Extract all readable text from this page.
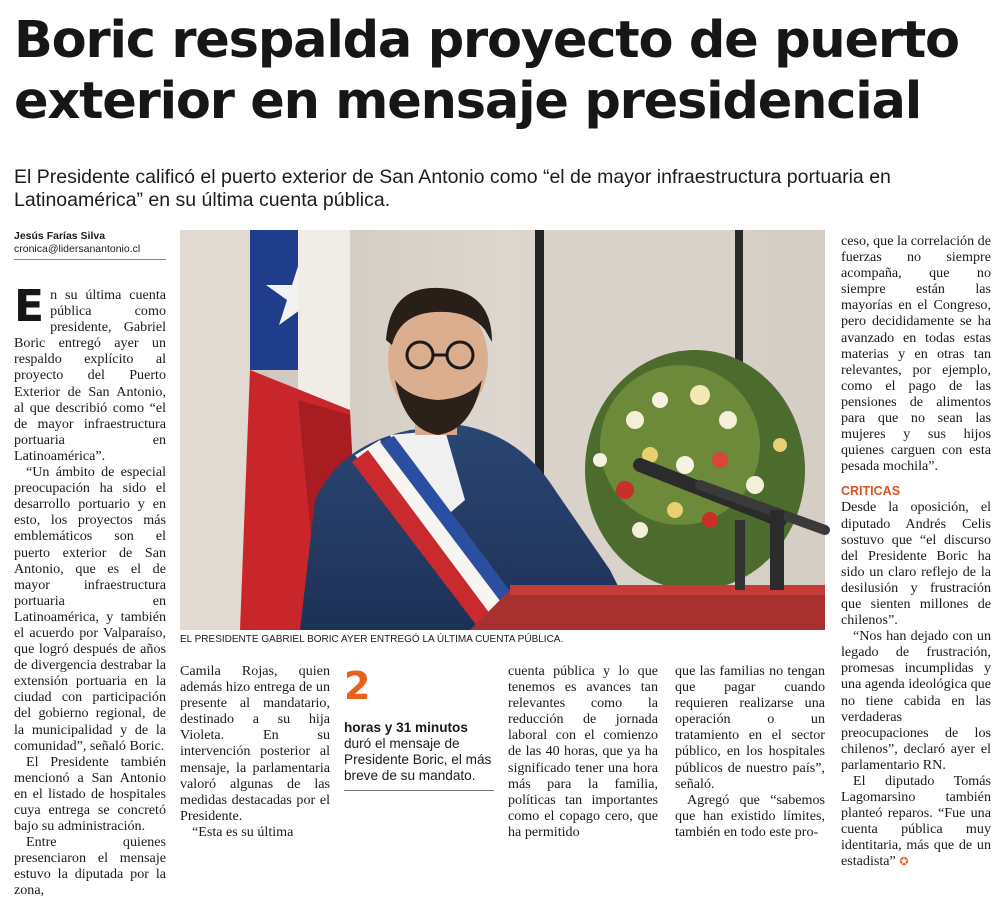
Boric respalda proyecto de puerto
exterior en mensaje presidencial
El Presidente calificó el puerto exterior de San Antonio como “el de mayor infraestructura portuaria en Latinoamérica” en su última cuenta pública.
Jesús Farías Silva
cronica@lidersanantonio.cl

En su última cuenta pública como presidente, Gabriel Boric entregó ayer un respaldo explícito al proyecto del Puerto Exterior de San Antonio, al que describió como “el de mayor infraestructura portuaria en Latinoamérica”.

“Un ámbito de especial preocupación ha sido el desarrollo portuario y en esto, los proyectos más emblemáticos son el puerto exterior de San Antonio, que es el de mayor infraestructura portuaria en Latinoamérica, y también el acuerdo por Valparaíso, que logró después de años de divergencia destrabar la extensión portuaria en la ciudad con participación del gobierno regional, de la municipalidad y de la comunidad”, señaló Boric.

El Presidente también mencionó a San Antonio en el listado de hospitales cuya entrega se concretó bajo su administración.

Entre quienes presenciaron el mensaje estuvo la diputada por la zona,

EL PRESIDENTE GABRIEL BORIC AYER ENTREGÓ LA ÚLTIMA CUENTA PÚBLICA.

Camila Rojas, quien además hizo entrega de un presente al mandatario, destinado a su hija Violeta. En su intervención posterior al mensaje, la parlamentaria valoró algunas de las medidas destacadas por el Presidente.

“Esta es su última

2
horas y 31 minutos duró el mensaje de Presidente Boric, el más breve de su mandato.

cuenta pública y lo que tenemos es avances tan relevantes como la reducción de jornada laboral con el comienzo de las 40 horas, que ya ha significado tener una hora más para la familia, políticas tan importantes como el copago cero, que ha permitido

que las familias no tengan que pagar cuando requieren realizarse una operación o un tratamiento en el sector público, en los hospitales públicos de nuestro país”, señaló.

Agregó que “sabemos que han existido límites, también en todo este pro-

ceso, que la correlación de fuerzas no siempre acompaña, que no siempre están las mayorías en el Congreso, pero decididamente se ha avanzado en todas estas materias y en otras tan relevantes, por ejemplo, como el pago de las pensiones de alimentos para que no sean las mujeres y sus hijos quienes carguen con esta pesada mochila”.

CRITICAS

Desde la oposición, el diputado Andrés Celis sostuvo que “el discurso del Presidente Boric ha sido un claro reflejo de la desilusión y frustración que sienten millones de chilenos”.

“Nos han dejado con un legado de frustración, promesas incumplidas y una agenda ideológica que no tiene cabida en las verdaderas preocupaciones de los chilenos”, declaró ayer el parlamentario RN.

El diputado Tomás Lagomarsino también planteó reparos. “Fue una cuenta pública muy identitaria, más que de un estadista” ✪
